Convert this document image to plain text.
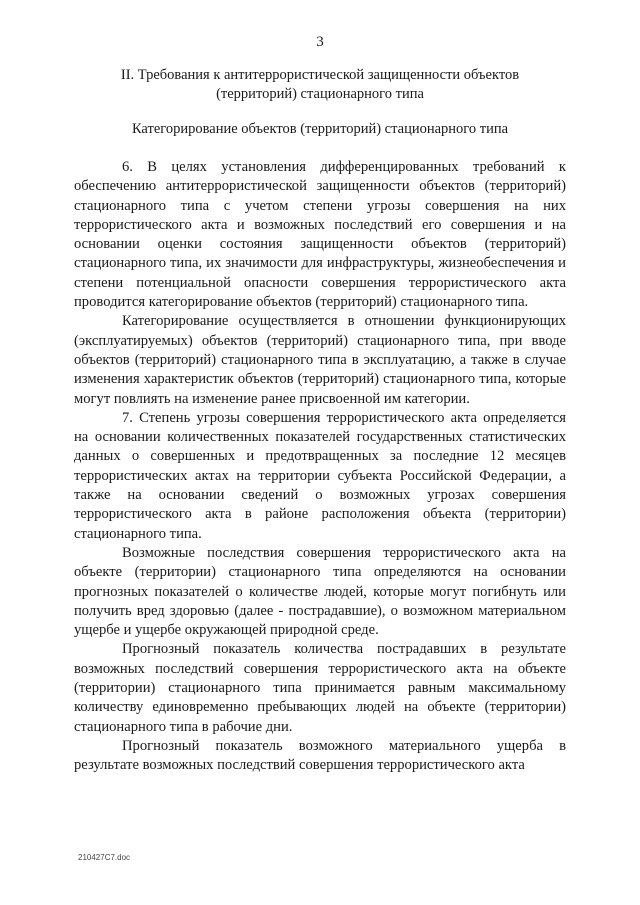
3
II. Требования к антитеррористической защищенности объектов
(территорий) стационарного типа
Категорирование объектов (территорий) стационарного типа

6. В целях установления дифференцированных требований к обеспечению антитеррористической защищенности объектов (территорий) стационарного типа с учетом степени угрозы совершения на них террористического акта и возможных последствий его совершения и на основании оценки состояния защищенности объектов (территорий) стационарного типа, их значимости для инфраструктуры, жизнеобеспечения и степени потенциальной опасности совершения террористического акта проводится категорирование объектов (территорий) стационарного типа.

Категорирование осуществляется в отношении функционирующих (эксплуатируемых) объектов (территорий) стационарного типа, при вводе объектов (территорий) стационарного типа в эксплуатацию, а также в случае изменения характеристик объектов (территорий) стационарного типа, которые могут повлиять на изменение ранее присвоенной им категории.

7. Степень угрозы совершения террористического акта определяется на основании количественных показателей государственных статистических данных о совершенных и предотвращенных за последние 12 месяцев террористических актах на территории субъекта Российской Федерации, а также на основании сведений о возможных угрозах совершения террористического акта в районе расположения объекта (территории) стационарного типа.

Возможные последствия совершения террористического акта на объекте (территории) стационарного типа определяются на основании прогнозных показателей о количестве людей, которые могут погибнуть или получить вред здоровью (далее - пострадавшие), о возможном материальном ущербе и ущербе окружающей природной среде.

Прогнозный показатель количества пострадавших в результате возможных последствий совершения террористического акта на объекте (территории) стационарного типа принимается равным максимальному количеству единовременно пребывающих людей на объекте (территории) стационарного типа в рабочие дни.

Прогнозный показатель возможного материального ущерба в результате возможных последствий совершения террористического акта

210427С7.doc
